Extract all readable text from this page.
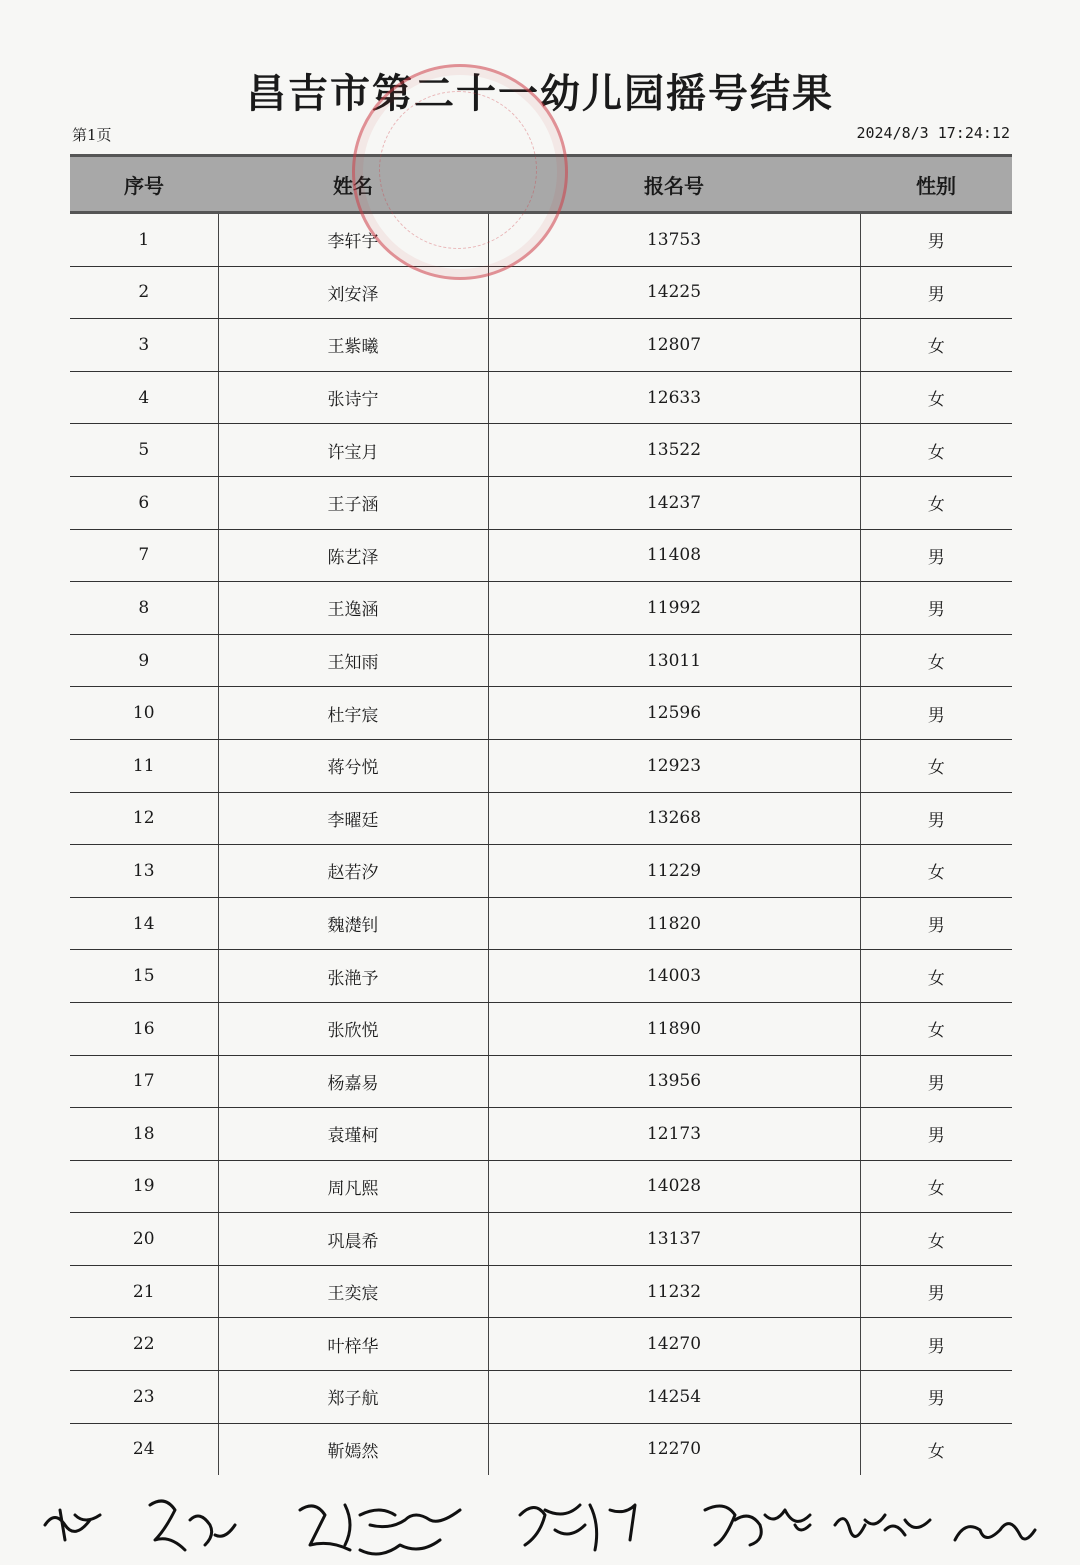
昌吉市第二十一幼儿园摇号结果
第1页	2024/8/3 17:24:12
序号	姓名	报名号	性别
1	李轩宇	13753	男
2	刘安泽	14225	男
3	王紫曦	12807	女
4	张诗宁	12633	女
5	许宝月	13522	女
6	王子涵	14237	女
7	陈艺泽	11408	男
8	王逸涵	11992	男
9	王知雨	13011	女
10	杜宇宸	12596	男
11	蒋兮悦	12923	女
12	李曜廷	13268	男
13	赵若汐	11229	女
14	魏濋钊	11820	男
15	张滟予	14003	女
16	张欣悦	11890	女
17	杨嘉易	13956	男
18	袁瑾柯	12173	男
19	周凡熙	14028	女
20	巩晨希	13137	女
21	王奕宸	11232	男
22	叶梓华	14270	男
23	郑子航	14254	男
24	靳嫣然	12270	女
